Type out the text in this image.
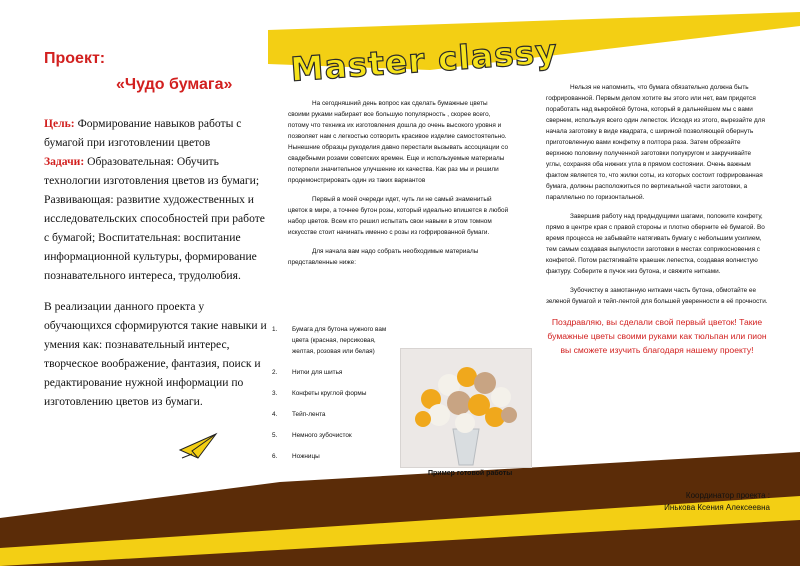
Проект:
«Чудо бумага»

Цель: Формирование навыков работы с бумагой при изготовлении цветов
Задачи: Образовательная: Обучить технологии изготовления цветов из бумаги; Развивающая: развитие художественных и исследовательских способностей при работе с бумагой; Воспитательная: воспитание информационной культуры, формирование познавательного интереса, трудолюбия.

В реализации данного проекта у обучающихся сформируются такие навыки и умения как: познавательный интерес, творческое воображение, фантазия, поиск и редактирование нужной информации по изготовлению цветов из бумаги.

Master classy

На сегодняшний день вопрос как сделать бумажные цветы своими руками набирает все большую популярность , скорее всего, потому что техника их изготовления дошла до очень высокого уровня и позволяет нам с легкостью сотворить красивое изделие самостоятельно. Нынешние образцы рукоделия давно перестали вызывать ассоциации со свадебными розами советских времен. Еще и используемые материалы потерпели значительное улучшение их качества. Как раз мы и решили продемонстрировать один из таких вариантов

Первый в моей очереди идет, чуть ли не самый знаменитый цветок в мире, а точнее бутон розы, который идеально впишется в любой набор цветов. Всем кто решил испытать свои навыки в этом томном искусстве стоит начинать именно с розы из гофрированной бумаги.

Для начала вам надо собрать необходимые материалы представленные ниже:

1. Бумага для бутона нужного вам цвета (красная, персиковая, желтая, розовая или белая)
2. Нитки для шитья
3. Конфеты круглой формы
4. Тейп-лента
5. Немного зубочисток
6. Ножницы
Пример готовой работы

Нельзя не напомнить, что бумага обязательно должна быть гофрированной. Первым делом хотите вы этого или нет, вам придется поработать над выкройкой бутона, который в дальнейшем мы с вами свернем, используя всего один лепесток. Исходя из этого, вырезайте для начала заготовку в виде квадрата, с шириной позволяющей обернуть приготовленную вами конфетку в полтора раза. Затем обрезайте верхнюю половину полученной заготовки полукругом и закручивайте углы, сохраняя оба нижних угла в прямом состоянии. Очень важным фактом является то, что жилки соты, из которых состоит гофрированная бумага, должны расположиться по вертикальной части заготовки, а параллельно по горизонтальной.

Завершив работу над предыдущими шагами, положите конфету, прямо в центре края с правой стороны и плотно оберните её бумагой. Во время процесса не забывайте натягивать бумагу с небольшим усилием, тем самым создавая выпуклости заготовки в местах соприкосновения с конфетой. Потом растягивайте краешек лепестка, создавая волнистую фактуру. Соберите в пучок низ бутона, и свяжите нитками.

Зубочистку в замотанную нитками часть бутона, обмотайте ее зеленой бумагой и тейп-лентой для большей уверенности в её прочности.

Поздравляю, вы сделали свой первый цветок! Такие бумажные цветы своими руками как тюльпан или пион вы сможете изучить благодаря нашему проекту!

Координатор проекта :
Инькова Ксения Алексеевна
